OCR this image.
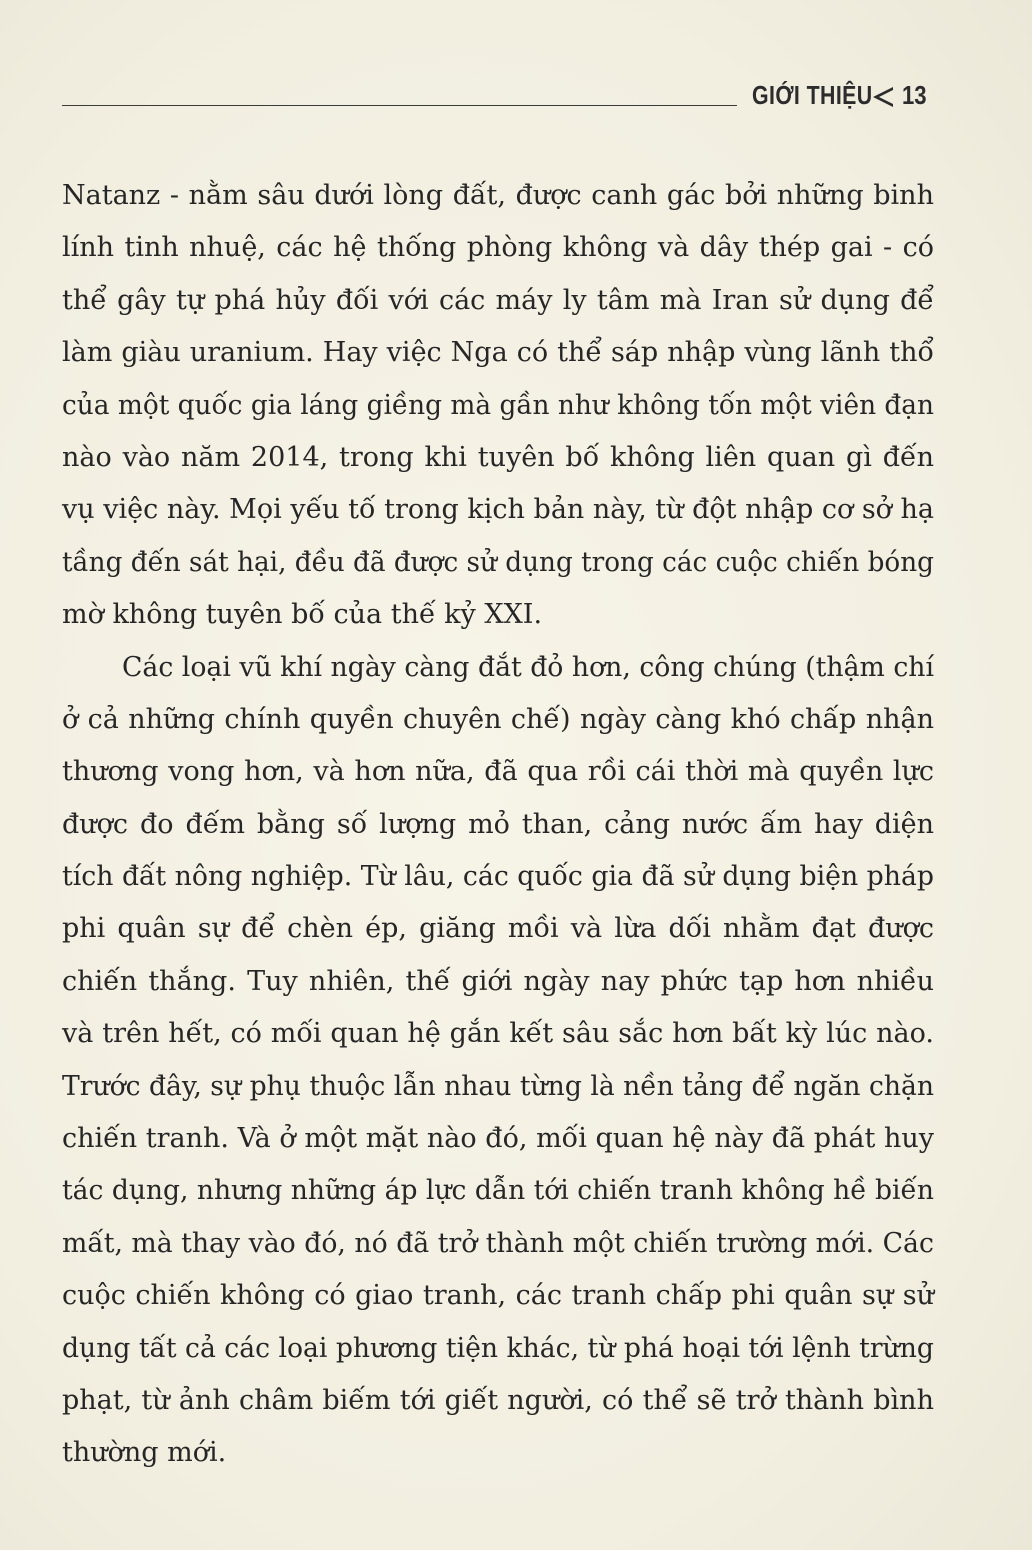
GIỚI THIỆU 13
Natanz - nằm sâu dưới lòng đất, được canh gác bởi những binh
lính tinh nhuệ, các hệ thống phòng không và dây thép gai - có
thể gây tự phá hủy đối với các máy ly tâm mà Iran sử dụng để
làm giàu uranium. Hay việc Nga có thể sáp nhập vùng lãnh thổ
của một quốc gia láng giềng mà gần như không tốn một viên đạn
nào vào năm 2014, trong khi tuyên bố không liên quan gì đến
vụ việc này. Mọi yếu tố trong kịch bản này, từ đột nhập cơ sở hạ
tầng đến sát hại, đều đã được sử dụng trong các cuộc chiến bóng
mờ không tuyên bố của thế kỷ XXI.
Các loại vũ khí ngày càng đắt đỏ hơn, công chúng (thậm chí
ở cả những chính quyền chuyên chế) ngày càng khó chấp nhận
thương vong hơn, và hơn nữa, đã qua rồi cái thời mà quyền lực
được đo đếm bằng số lượng mỏ than, cảng nước ấm hay diện
tích đất nông nghiệp. Từ lâu, các quốc gia đã sử dụng biện pháp
phi quân sự để chèn ép, giăng mồi và lừa dối nhằm đạt được
chiến thắng. Tuy nhiên, thế giới ngày nay phức tạp hơn nhiều
và trên hết, có mối quan hệ gắn kết sâu sắc hơn bất kỳ lúc nào.
Trước đây, sự phụ thuộc lẫn nhau từng là nền tảng để ngăn chặn
chiến tranh. Và ở một mặt nào đó, mối quan hệ này đã phát huy
tác dụng, nhưng những áp lực dẫn tới chiến tranh không hề biến
mất, mà thay vào đó, nó đã trở thành một chiến trường mới. Các
cuộc chiến không có giao tranh, các tranh chấp phi quân sự sử
dụng tất cả các loại phương tiện khác, từ phá hoại tới lệnh trừng
phạt, từ ảnh châm biếm tới giết người, có thể sẽ trở thành bình
thường mới.
